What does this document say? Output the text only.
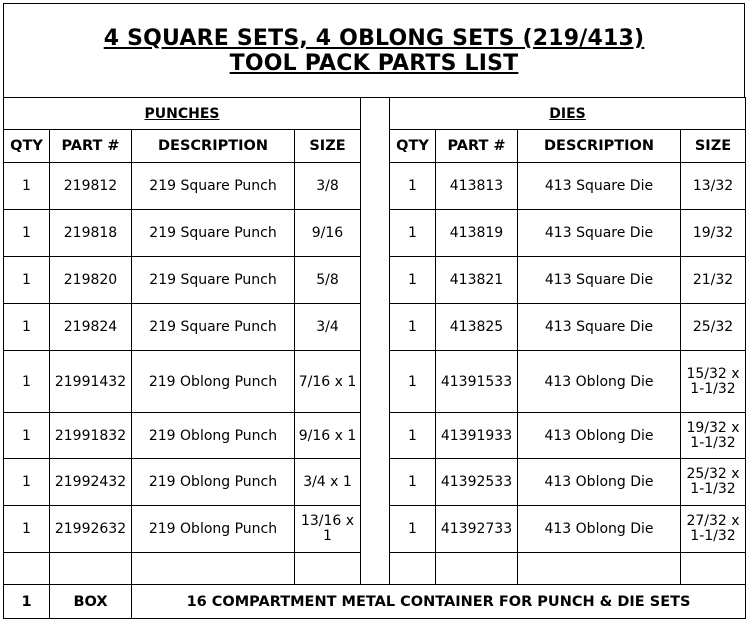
4 SQUARE SETS, 4 OBLONG SETS (219/413)
TOOL PACK PARTS LIST
PUNCHES					DIES			
QTY	PART #	DESCRIPTION	SIZE		QTY	PART #	DESCRIPTION	SIZE
1	219812	219 Square Punch	3/8		1	413813	413 Square Die	13/32
1	219818	219 Square Punch	9/16		1	413819	413 Square Die	19/32
1	219820	219 Square Punch	5/8		1	413821	413 Square Die	21/32
1	219824	219 Square Punch	3/4		1	413825	413 Square Die	25/32
1	21991432	219 Oblong Punch	7/16 x 1		1	41391533	413 Oblong Die	15/32 x 1-1/32
1	21991832	219 Oblong Punch	9/16 x 1		1	41391933	413 Oblong Die	19/32 x 1-1/32
1	21992432	219 Oblong Punch	3/4 x 1		1	41392533	413 Oblong Die	25/32 x 1-1/32
1	21992632	219 Oblong Punch	13/16 x 1		1	41392733	413 Oblong Die	27/32 x 1-1/32

1	BOX	16 COMPARTMENT METAL CONTAINER FOR PUNCH & DIE SETS						
